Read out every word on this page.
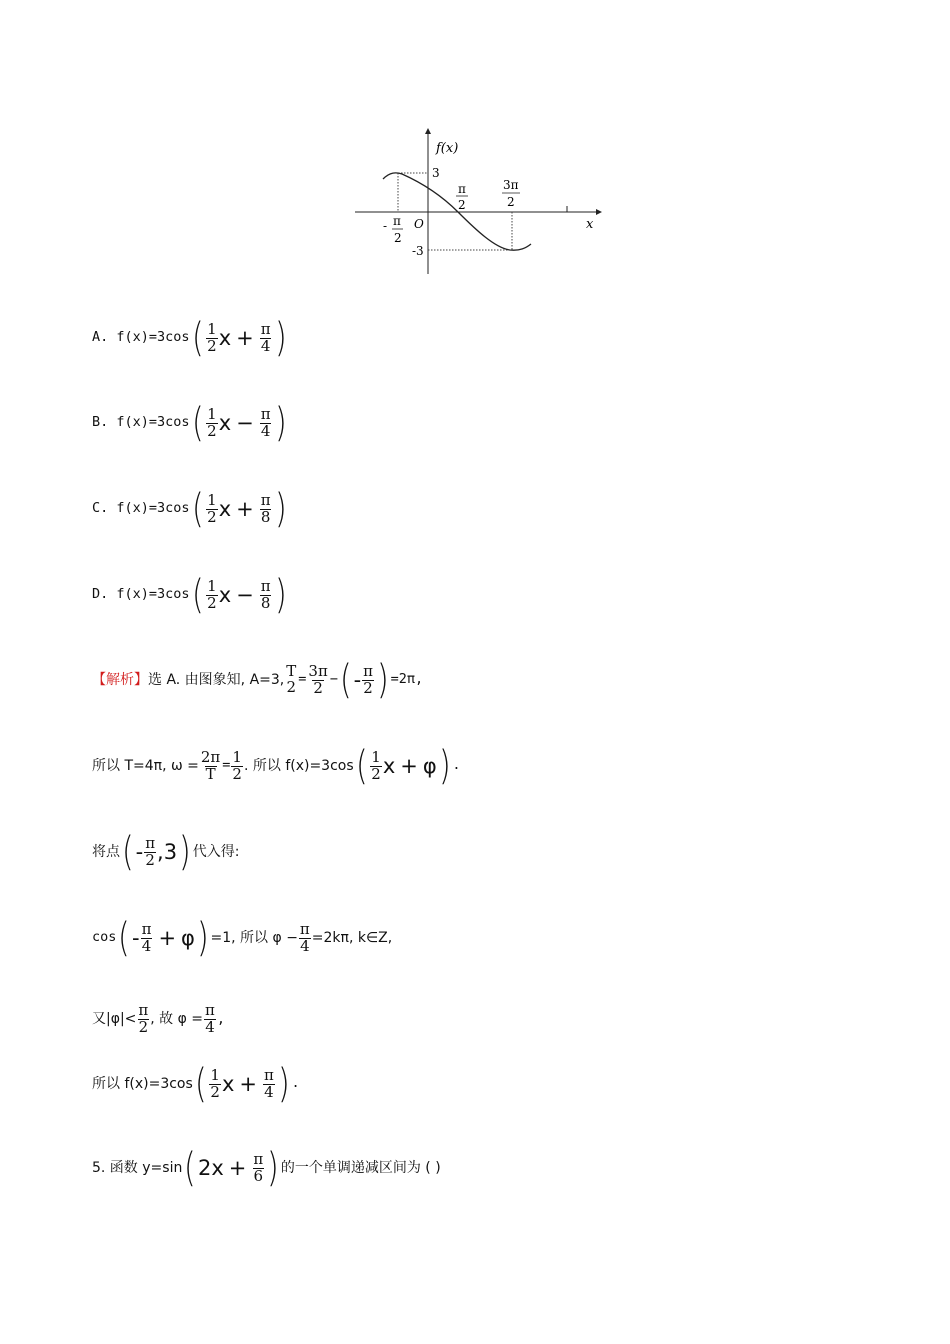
f(x)
x
O
3
-3
- π
2
π
2
3π
2
A. f(x)=3cos ( $\frac{1}{2}$ $x + \frac{\pi}{4}$ )
B. f(x)=3cos ( $\frac{1}{2}$ $x - \frac{\pi}{4}$ )
C. f(x)=3cos ( $\frac{1}{2}$ $x + \frac{\pi}{8}$ )
D. f(x)=3cos ( $\frac{1}{2}$ $x - \frac{\pi}{8}$ )
【解析】 选 A. 由图象知, A=3, T
$2 = \frac{3\pi}{2}$ − ( - $\frac{\pi}{2}$ ) =2π,
所以 T=4π, $\omega = \frac{2\pi}{T} = \frac{1}{2}$ . 所以 f(x)=3cos ( $\frac{1}{2}$ x + φ ) .
将点 ( - $\frac{\pi}{2}$ , 3 ) 代入得:
cos ( - $\frac{\pi}{4} + \varphi$ ) =1, 所以 $\varphi - \frac{\pi}{4} =2k\pi$, k∈Z,
又$|\varphi|< \frac{\pi}{2}$ , 故 $\varphi = \frac{\pi}{4}$ ,
所以 f(x)=3cos ( $\frac{1}{2}$ $x + \frac{\pi}{4}$ ) .
5. 函数 y=sin ( $2x + \frac{\pi}{6}$ ) 的一个单调递减区间为 ( )
